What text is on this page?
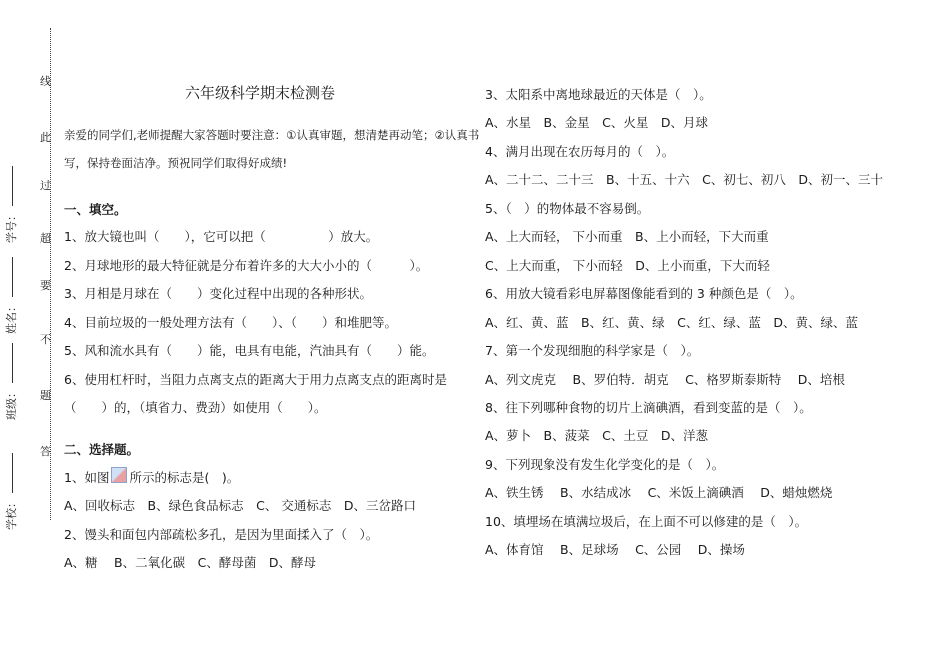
线
此
过
超
要
不
题
答
学号：
姓名：
班级：
学校：
六年级科学期末检测卷
亲爱的同学们,老师提醒大家答题时要注意：①认真审题，想清楚再动笔；②认真书
写，保持卷面洁净。预祝同学们取得好成绩!
一、填空。
1、放大镜也叫（　　），它可以把（　　　　　）放大。
2、月球地形的最大特征就是分布着许多的大大小小的（　　　）。
3、月相是月球在（　　）变化过程中出现的各种形状。
4、目前垃圾的一般处理方法有（　　）、（　　）和堆肥等。
5、风和流水具有（　　）能，电具有电能，汽油具有（　　）能。
6、使用杠杆时，当阻力点离支点的距离大于用力点离支点的距离时是
（　　）的，（填省力、费劲）如使用（　　）。
二、选择题。
1、如图 所示的标志是(　)。
A、回收标志　B、绿色食品标志　C、 交通标志　D、三岔路口
2、馒头和面包内部疏松多孔，是因为里面揉入了（　）。
A、糖　 B、二氧化碳　C、酵母菌　D、酵母
3、太阳系中离地球最近的天体是（　）。
A、水星　B、金星　C、火星　D、月球
4、满月出现在农历每月的（　）。
A、二十二、二十三　B、十五、十六　C、初七、初八　D、初一、三十
5、（　）的物体最不容易倒。
A、上大而轻， 下小而重　B、上小而轻，下大而重
C、上大而重， 下小而轻　D、上小而重，下大而轻
6、用放大镜看彩电屏幕图像能看到的 3 种颜色是（　）。
A、红、黄、蓝　B、红、黄、绿　C、红、绿、蓝　D、黄、绿、蓝
7、第一个发现细胞的科学家是（　）。
A、列文虎克　 B、罗伯特．胡克　 C、格罗斯泰斯特　 D、培根
8、往下列哪种食物的切片上滴碘酒，看到变蓝的是（　）。
A、萝卜　B、菠菜　C、土豆　D、洋葱
9、下列现象没有发生化学变化的是（　）。
A、铁生锈　 B、水结成冰　 C、米饭上滴碘酒　 D、蜡烛燃烧
10、填埋场在填满垃圾后，在上面不可以修建的是（　）。
A、体育馆　 B、足球场　 C、公园　 D、操场
